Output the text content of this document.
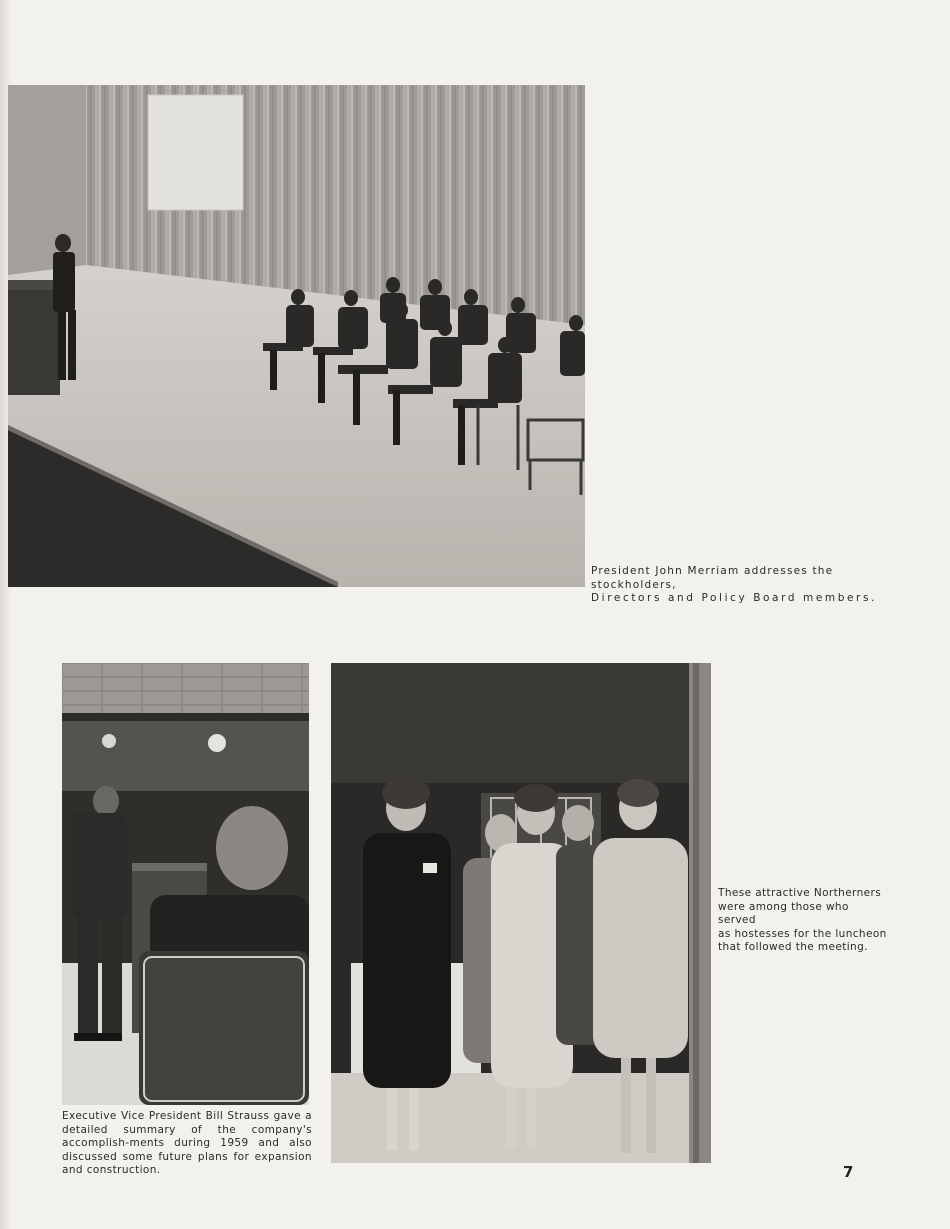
President John Merriam addresses the stockholders,
Directors and Policy Board members.
Executive Vice President Bill Strauss gave a detailed summary of the company's accomplish-ments during 1959 and also discussed some future plans for expansion and construction.
These attractive Northerners
were among those who served
as hostesses for the luncheon
that followed the meeting.
7
